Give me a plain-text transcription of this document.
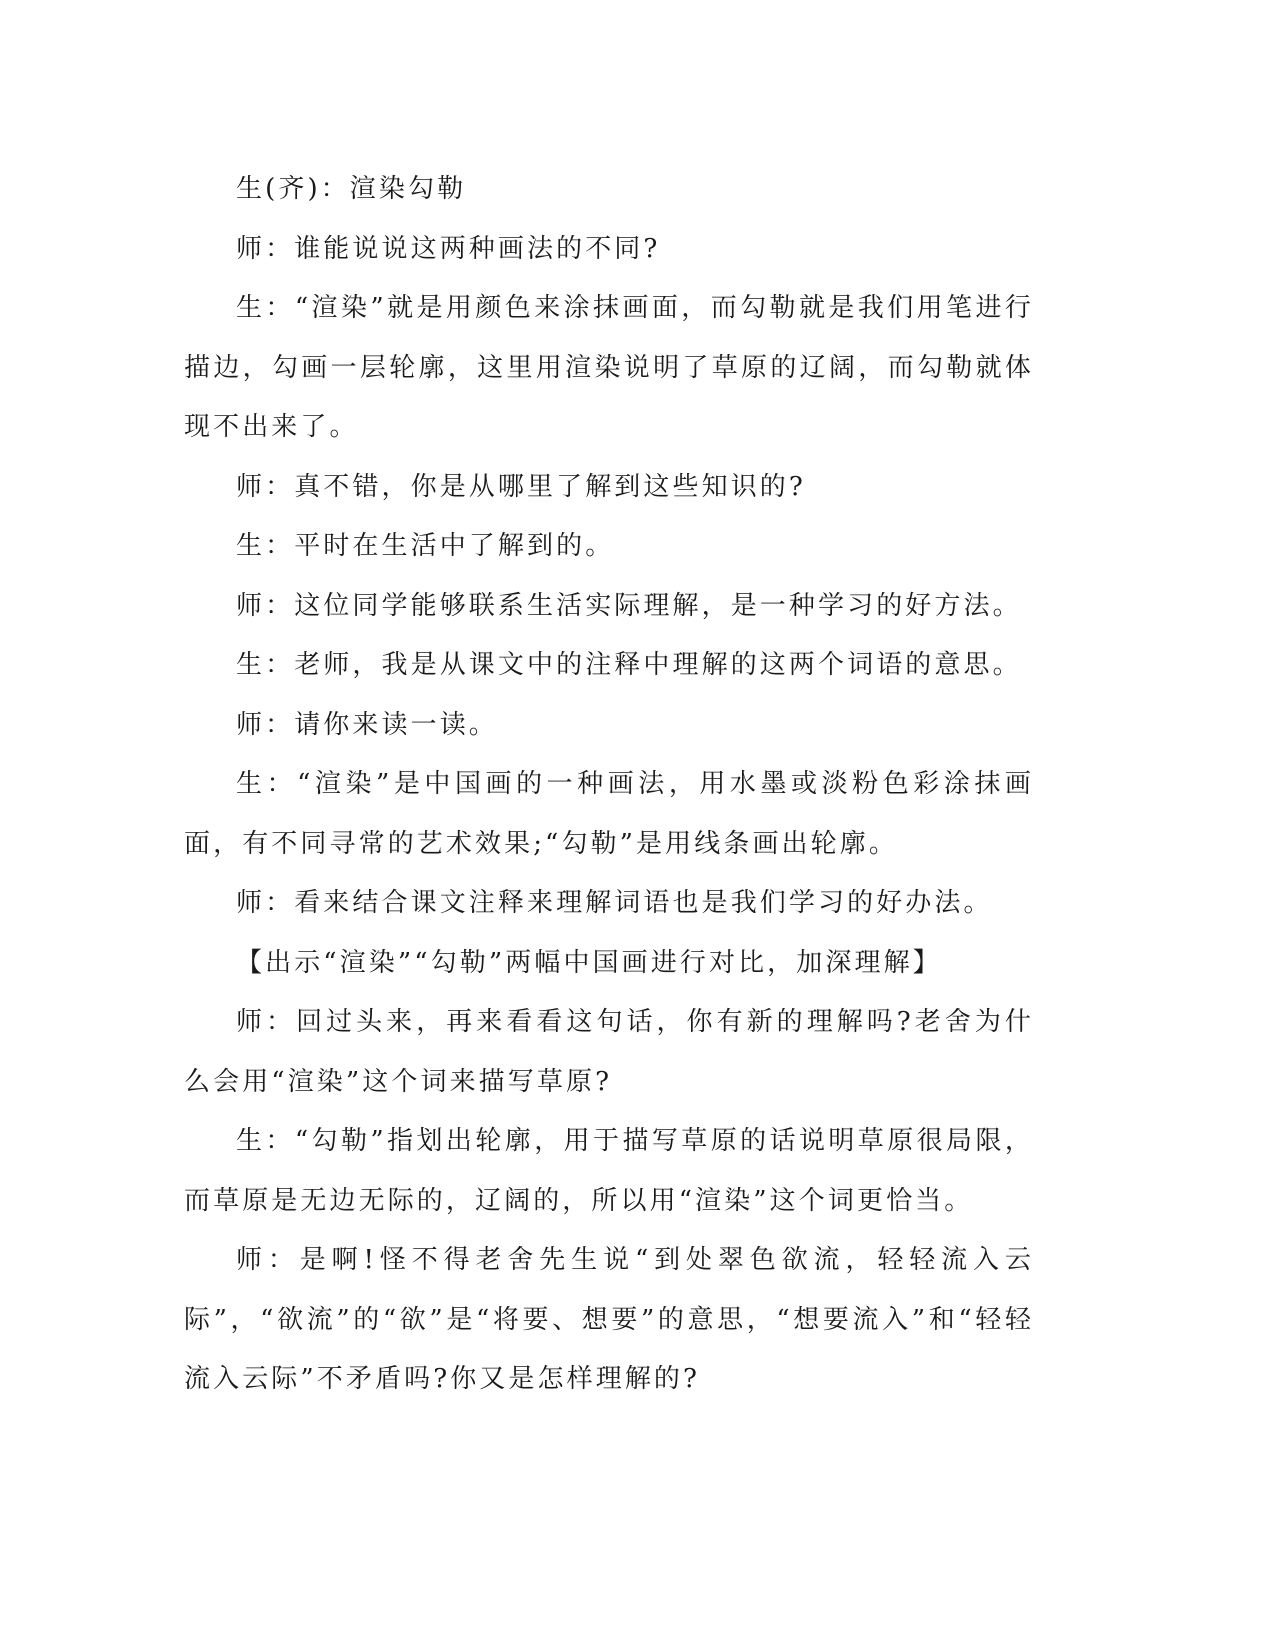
生(齐)：渲染勾勒

师：谁能说说这两种画法的不同?

生：“渲染”就是用颜色来涂抹画面，而勾勒就是我们用笔进行描边，勾画一层轮廓，这里用渲染说明了草原的辽阔，而勾勒就体现不出来了。

师：真不错，你是从哪里了解到这些知识的?

生：平时在生活中了解到的。

师：这位同学能够联系生活实际理解，是一种学习的好方法。

生：老师，我是从课文中的注释中理解的这两个词语的意思。

师：请你来读一读。

生：“渲染”是中国画的一种画法，用水墨或淡粉色彩涂抹画面，有不同寻常的艺术效果;“勾勒”是用线条画出轮廓。

师：看来结合课文注释来理解词语也是我们学习的好办法。

【出示“渲染”“勾勒”两幅中国画进行对比，加深理解】

师：回过头来，再来看看这句话，你有新的理解吗?老舍为什么会用“渲染”这个词来描写草原?

生：“勾勒”指划出轮廓，用于描写草原的话说明草原很局限，而草原是无边无际的，辽阔的，所以用“渲染”这个词更恰当。

师：是啊!怪不得老舍先生说“到处翠色欲流，轻轻流入云际”，“欲流”的“欲”是“将要、想要”的意思，“想要流入”和“轻轻流入云际”不矛盾吗?你又是怎样理解的?
